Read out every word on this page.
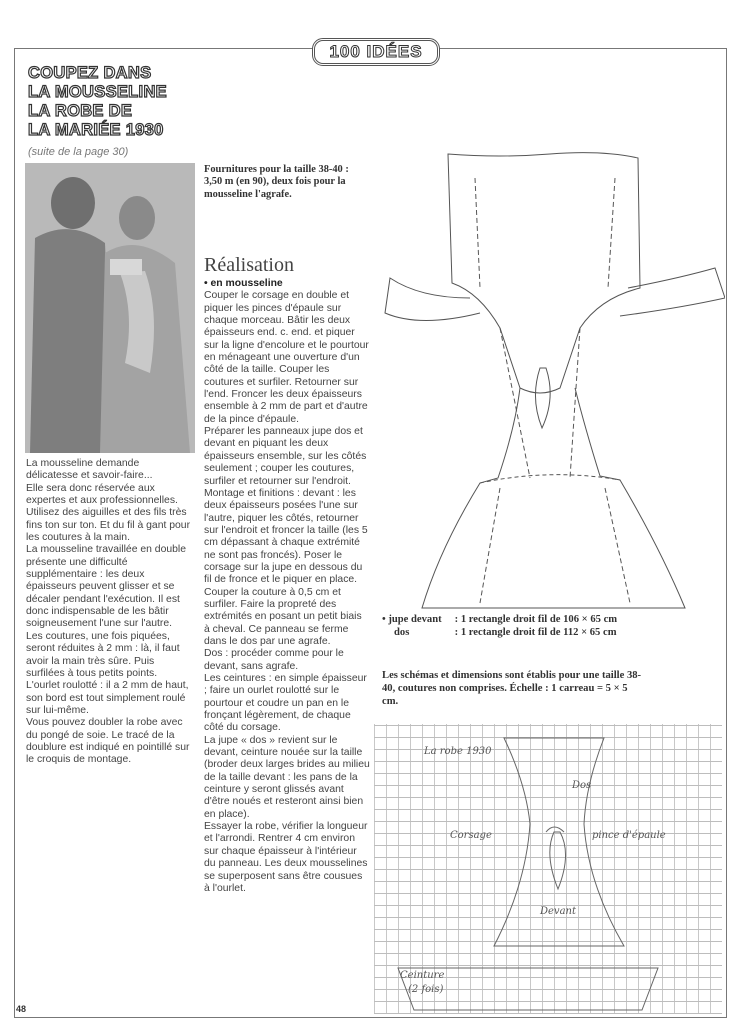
100 IDÉES
COUPEZ DANS
LA MOUSSELINE
LA ROBE DE
LA MARIÉE 1930
(suite de la page 30)
Fournitures pour la taille 38-40 :
3,50 m (en 90), deux fois pour la mousseline l'agrafe.
Réalisation

La mousseline demande délicatesse et savoir-faire...

Elle sera donc réservée aux expertes et aux professionnelles. Utilisez des aiguilles et des fils très fins ton sur ton. Et du fil à gant pour les coutures à la main.

La mousseline travaillée en double présente une difficulté supplémentaire : les deux épaisseurs peuvent glisser et se décaler pendant l'exécution. Il est donc indispensable de les bâtir soigneusement l'une sur l'autre.

Les coutures, une fois piquées, seront réduites à 2 mm : là, il faut avoir la main très sûre. Puis surfilées à tous petits points.

L'ourlet roulotté : il a 2 mm de haut, son bord est tout simplement roulé sur lui-même.

Vous pouvez doubler la robe avec du pongé de soie. Le tracé de la doublure est indiqué en pointillé sur le croquis de montage.

• en mousseline

Couper le corsage en double et piquer les pinces d'épaule sur chaque morceau. Bâtir les deux épaisseurs end. c. end. et piquer sur la ligne d'encolure et le pourtour en ménageant une ouverture d'un côté de la taille. Couper les coutures et surfiler. Retourner sur l'end. Froncer les deux épaisseurs ensemble à 2 mm de part et d'autre de la pince d'épaule.

Préparer les panneaux jupe dos et devant en piquant les deux épaisseurs ensemble, sur les côtés seulement ; couper les coutures, surfiler et retourner sur l'endroit.

Montage et finitions : devant : les deux épaisseurs posées l'une sur l'autre, piquer les côtés, retourner sur l'endroit et froncer la taille (les 5 cm dépassant à chaque extrémité ne sont pas froncés). Poser le corsage sur la jupe en dessous du fil de fronce et le piquer en place. Couper la couture à 0,5 cm et surfiler. Faire la propreté des extrémités en posant un petit biais à cheval. Ce panneau se ferme dans le dos par une agrafe.

Dos : procéder comme pour le devant, sans agrafe.

Les ceintures : en simple épaisseur ; faire un ourlet roulotté sur le pourtour et coudre un pan en le fronçant légèrement, de chaque côté du corsage.

La jupe « dos » revient sur le devant, ceinture nouée sur la taille (broder deux larges brides au milieu de la taille devant : les pans de la ceinture y seront glissés avant d'être noués et resteront ainsi bien en place).

Essayer la robe, vérifier la longueur et l'arrondi. Rentrer 4 cm environ sur chaque épaisseur à l'intérieur du panneau. Les deux mousselines se superposent sans être cousues à l'ourlet.

• jupe devant : 1 rectangle droit fil de 106 × 65 cm
dos	: 1 rectangle droit fil de 112 × 65 cm
Les schémas et dimensions sont établis pour une taille 38-40, coutures non comprises. Échelle : 1 carreau = 5 × 5 cm.
La robe 1930
Dos
Corsage	pince d'épaule
Devant
Ceinture
(2 fois)
48
